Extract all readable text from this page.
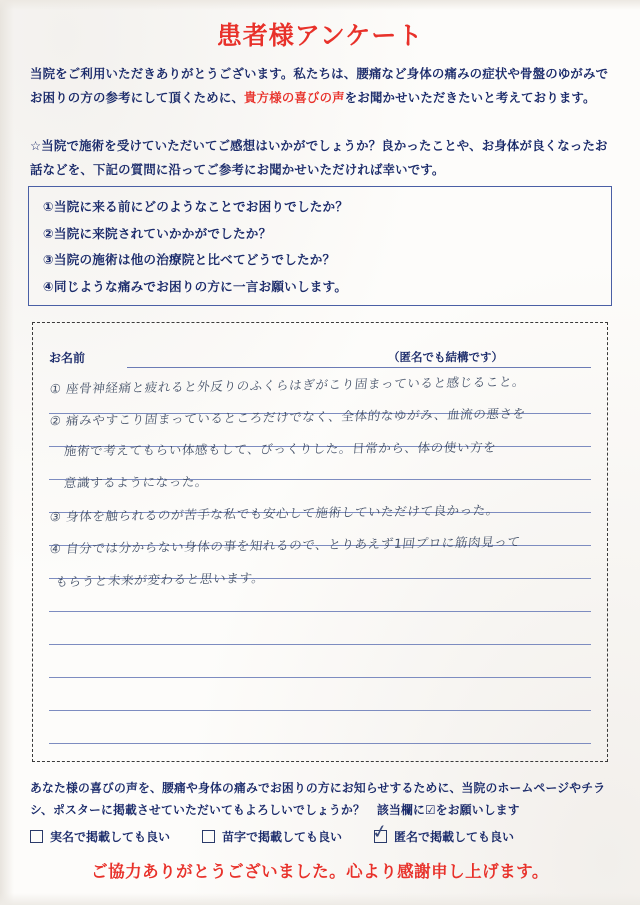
患者様アンケート
当院をご利用いただきありがとうございます。私たちは、腰痛など身体の痛みの症状や骨盤のゆがみでお困りの方の参考にして頂くために、貴方様の喜びの声をお聞かせいただきたいと考えております。
☆当院で施術を受けていただいてご感想はいかがでしょうか？良かったことや、お身体が良くなったお話などを、下記の質問に沿ってご参考にお聞かせいただければ幸いです。
①当院に来る前にどのようなことでお困りでしたか？
②当院に来院されていかかがでしたか？
③当院の施術は他の治療院と比べてどうでしたか？
④同じような痛みでお困りの方に一言お願いします。
お名前	（匿名でも結構です）
① 座骨神経痛と疲れると外反りのふくらはぎがこり固まっていると感じること。
② 痛みやすこり固まっているところだけでなく、全体的なゆがみ、血流の悪さを
施術で考えてもらい体感もして、びっくりした。日常から、体の使い方を
意識するようになった。
③ 身体を触られるのが苦手な私でも安心して施術していただけて良かった。
④ 自分では分からない身体の事を知れるので、とりあえず1回プロに筋肉見って
もらうと未来が変わると思います。
あなた様の喜びの声を、腰痛や身体の痛みでお困りの方にお知らせするために、当院のホームページやチラシ、ポスターに掲載させていただいてもよろしいでしょうか？　該当欄に☑をお願いします
実名で掲載しても良い	苗字で掲載しても良い ✓ 匿名で掲載しても良い
ご協力ありがとうございました。心より感謝申し上げます。
